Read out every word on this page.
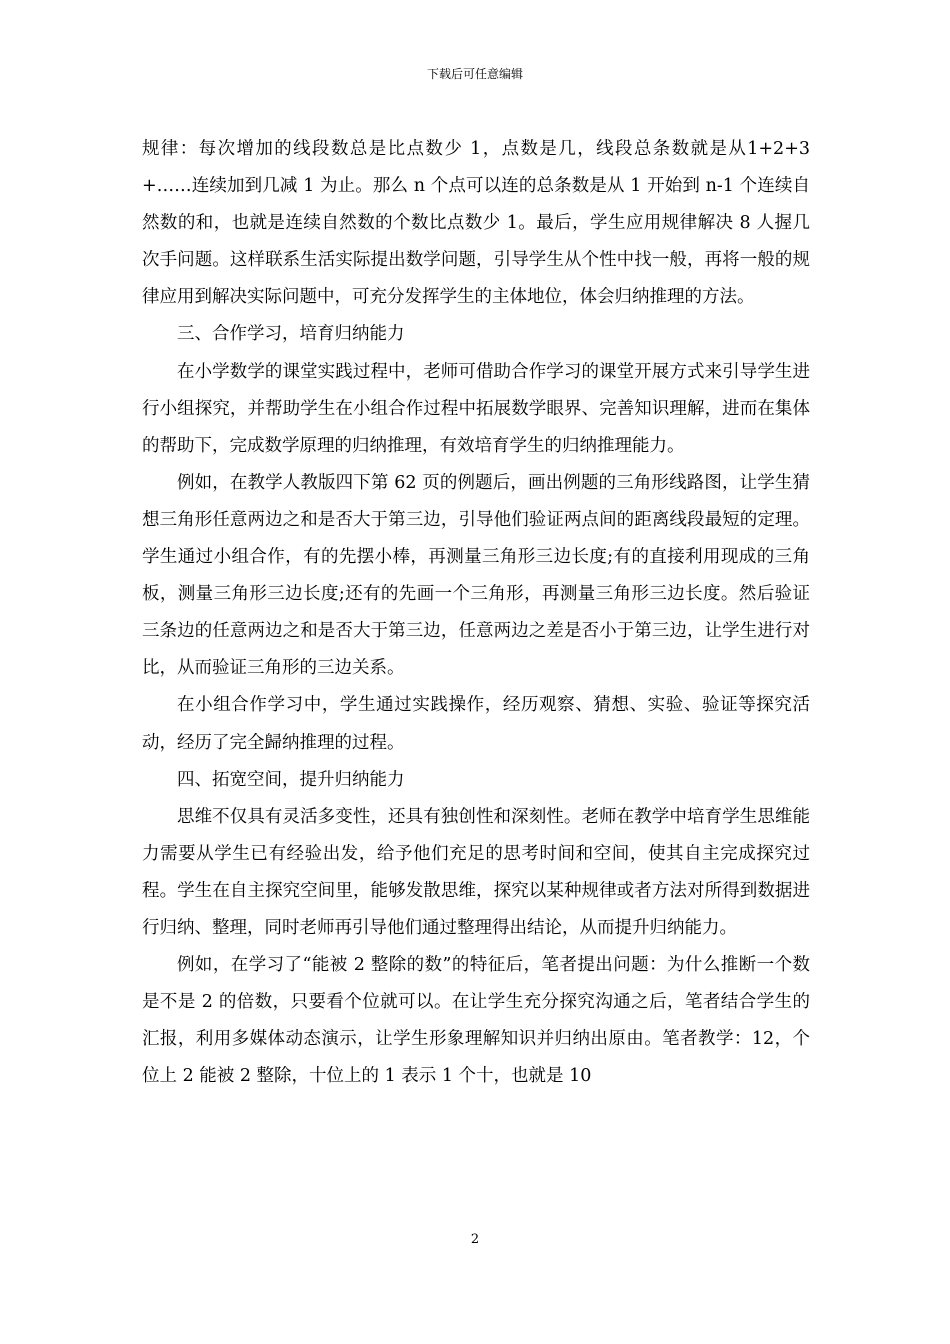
下载后可任意编辑

规律：每次增加的线段数总是比点数少 1，点数是几，线段总条数就是从1+2+3+……连续加到几减 1 为止。那么 n 个点可以连的总条数是从 1 开始到 n-1 个连续自然数的和，也就是连续自然数的个数比点数少 1。最后，学生应用规律解决 8 人握几次手问题。这样联系生活实际提出数学问题，引导学生从个性中找一般，再将一般的规律应用到解决实际问题中，可充分发挥学生的主体地位，体会归纳推理的方法。

三、合作学习，培育归纳能力

在小学数学的课堂实践过程中，老师可借助合作学习的课堂开展方式来引导学生进行小组探究，并帮助学生在小组合作过程中拓展数学眼界、完善知识理解，进而在集体的帮助下，完成数学原理的归纳推理，有效培育学生的归纳推理能力。

例如，在教学人教版四下第 62 页的例题后，画出例题的三角形线路图，让学生猜想三角形任意两边之和是否大于第三边，引导他们验证两点间的距离线段最短的定理。学生通过小组合作，有的先摆小棒，再测量三角形三边长度;有的直接利用现成的三角板，测量三角形三边长度;还有的先画一个三角形，再测量三角形三边长度。然后验证三条边的任意两边之和是否大于第三边，任意两边之差是否小于第三边，让学生进行对比，从而验证三角形的三边关系。

在小组合作学习中，学生通过实践操作，经历观察、猜想、实验、验证等探究活动，经历了完全歸纳推理的过程。

四、拓宽空间，提升归纳能力

思维不仅具有灵活多变性，还具有独创性和深刻性。老师在教学中培育学生思维能力需要从学生已有经验出发，给予他们充足的思考时间和空间，使其自主完成探究过程。学生在自主探究空间里，能够发散思维，探究以某种规律或者方法对所得到数据进行归纳、整理，同时老师再引导他们通过整理得出结论，从而提升归纳能力。

例如，在学习了“能被 2 整除的数”的特征后，笔者提出问题：为什么推断一个数是不是 2 的倍数，只要看个位就可以。在让学生充分探究沟通之后，笔者结合学生的汇报，利用多媒体动态演示，让学生形象理解知识并归纳出原由。笔者教学：12，个位上 2 能被 2 整除，十位上的 1 表示 1 个十，也就是 10

2
